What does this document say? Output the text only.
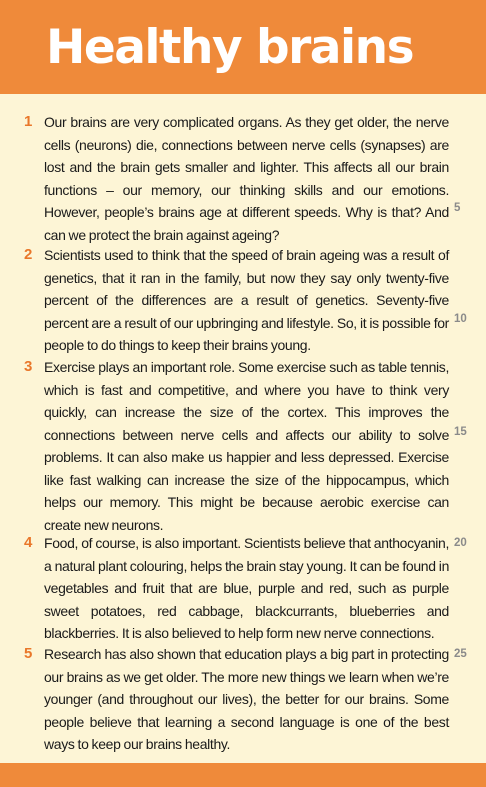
Healthy brains
1 Our brains are very complicated organs. As they get older, the nerve cells (neurons) die, connections between nerve cells (synapses) are lost and the brain gets smaller and lighter. This affects all our brain functions – our memory, our thinking skills and our emotions. However, people’s brains age at different speeds. Why is that? And can we protect the brain against ageing?

2 Scientists used to think that the speed of brain ageing was a result of genetics, that it ran in the family, but now they say only twenty-five percent of the differences are a result of genetics. Seventy-five percent are a result of our upbringing and lifestyle. So, it is possible for people to do things to keep their brains young.

3 Exercise plays an important role. Some exercise such as table tennis, which is fast and competitive, and where you have to think very quickly, can increase the size of the cortex. This improves the connections between nerve cells and affects our ability to solve problems. It can also make us happier and less depressed. Exercise like fast walking can increase the size of the hippocampus, which helps our memory. This might be because aerobic exercise can create new neurons.

4 Food, of course, is also important. Scientists believe that anthocyanin, a natural plant colouring, helps the brain stay young. It can be found in vegetables and fruit that are blue, purple and red, such as purple sweet potatoes, red cabbage, blackcurrants, blueberries and blackberries. It is also believed to help form new nerve connections.

5 Research has also shown that education plays a big part in protecting our brains as we get older. The more new things we learn when we’re younger (and throughout our lives), the better for our brains. Some people believe that learning a second language is one of the best ways to keep our brains healthy.

5
10
15
20
25
